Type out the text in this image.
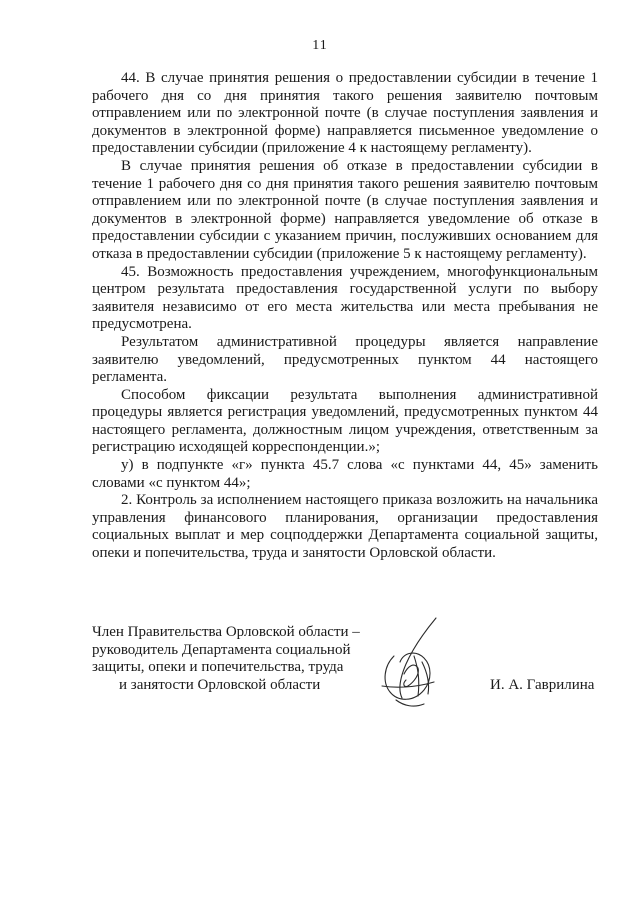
11

44. В случае принятия решения о предоставлении субсидии в течение 1 рабочего дня со дня принятия такого решения заявителю почтовым отправлением или по электронной почте (в случае поступления заявления и документов в электронной форме) направляется письменное уведомление о предоставлении субсидии (приложение 4 к настоящему регламенту).

В случае принятия решения об отказе в предоставлении субсидии в течение 1 рабочего дня со дня принятия такого решения заявителю почтовым отправлением или по электронной почте (в случае поступления заявления и документов в электронной форме) направляется уведомление об отказе в предоставлении субсидии с указанием причин, послуживших основанием для отказа в предоставлении субсидии (приложение 5 к настоящему регламенту).

45. Возможность предоставления учреждением, многофункциональным центром результата предоставления государственной услуги по выбору заявителя независимо от его места жительства или места пребывания не предусмотрена.

Результатом административной процедуры является направление заявителю уведомлений, предусмотренных пунктом 44 настоящего регламента.

Способом фиксации результата выполнения административной процедуры является регистрация уведомлений, предусмотренных пунктом 44 настоящего регламента, должностным лицом учреждения, ответственным за регистрацию исходящей корреспонденции.»;

у) в подпункте «г» пункта 45.7 слова «с пунктами 44, 45» заменить словами «с пунктом 44»;

2. Контроль за исполнением настоящего приказа возложить на начальника управления финансового планирования, организации предоставления социальных выплат и мер соцподдержки Департамента социальной защиты, опеки и попечительства, труда и занятости Орловской области.

Член Правительства Орловской области –
руководитель Департамента социальной
защиты, опеки и попечительства, труда
и занятости Орловской области	И. А. Гаврилина
